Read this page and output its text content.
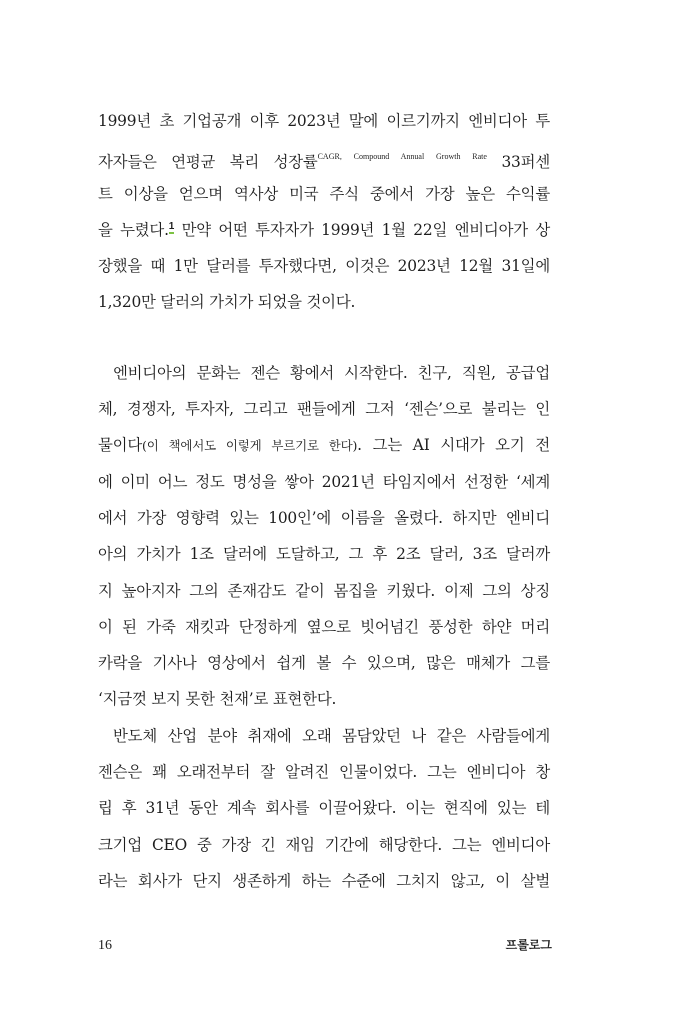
1999년 초 기업공개 이후 2023년 말에 이르기까지 엔비디아 투
자자들은 연평균 복리 성장률$^{CAGR, Compound Annual Growth Rate}$ 33퍼센
트 이상을 얻으며 역사상 미국 주식 중에서 가장 높은 수익률
을 누렸다.$^1$ 만약 어떤 투자자가 1999년 1월 22일 엔비디아가 상
장했을 때 1만 달러를 투자했다면, 이것은 2023년 12월 31일에
1,320만 달러의 가치가 되었을 것이다.
엔비디아의 문화는 젠슨 황에서 시작한다. 친구, 직원, 공급업
체, 경쟁자, 투자자, 그리고 팬들에게 그저 ‘젠슨’으로 불리는 인
물이다(이 책에서도 이렇게 부르기로 한다). 그는 AI 시대가 오기 전
에 이미 어느 정도 명성을 쌓아 2021년 타임지에서 선정한 ‘세계
에서 가장 영향력 있는 100인’에 이름을 올렸다. 하지만 엔비디
아의 가치가 1조 달러에 도달하고, 그 후 2조 달러, 3조 달러까
지 높아지자 그의 존재감도 같이 몸집을 키웠다. 이제 그의 상징
이 된 가죽 재킷과 단정하게 옆으로 빗어넘긴 풍성한 하얀 머리
카락을 기사나 영상에서 쉽게 볼 수 있으며, 많은 매체가 그를
‘지금껏 보지 못한 천재’로 표현한다.
반도체 산업 분야 취재에 오래 몸담았던 나 같은 사람들에게
젠슨은 꽤 오래전부터 잘 알려진 인물이었다. 그는 엔비디아 창
립 후 31년 동안 계속 회사를 이끌어왔다. 이는 현직에 있는 테
크기업 CEO 중 가장 긴 재임 기간에 해당한다. 그는 엔비디아
라는 회사가 단지 생존하게 하는 수준에 그치지 않고, 이 살벌
16	프롤로그
